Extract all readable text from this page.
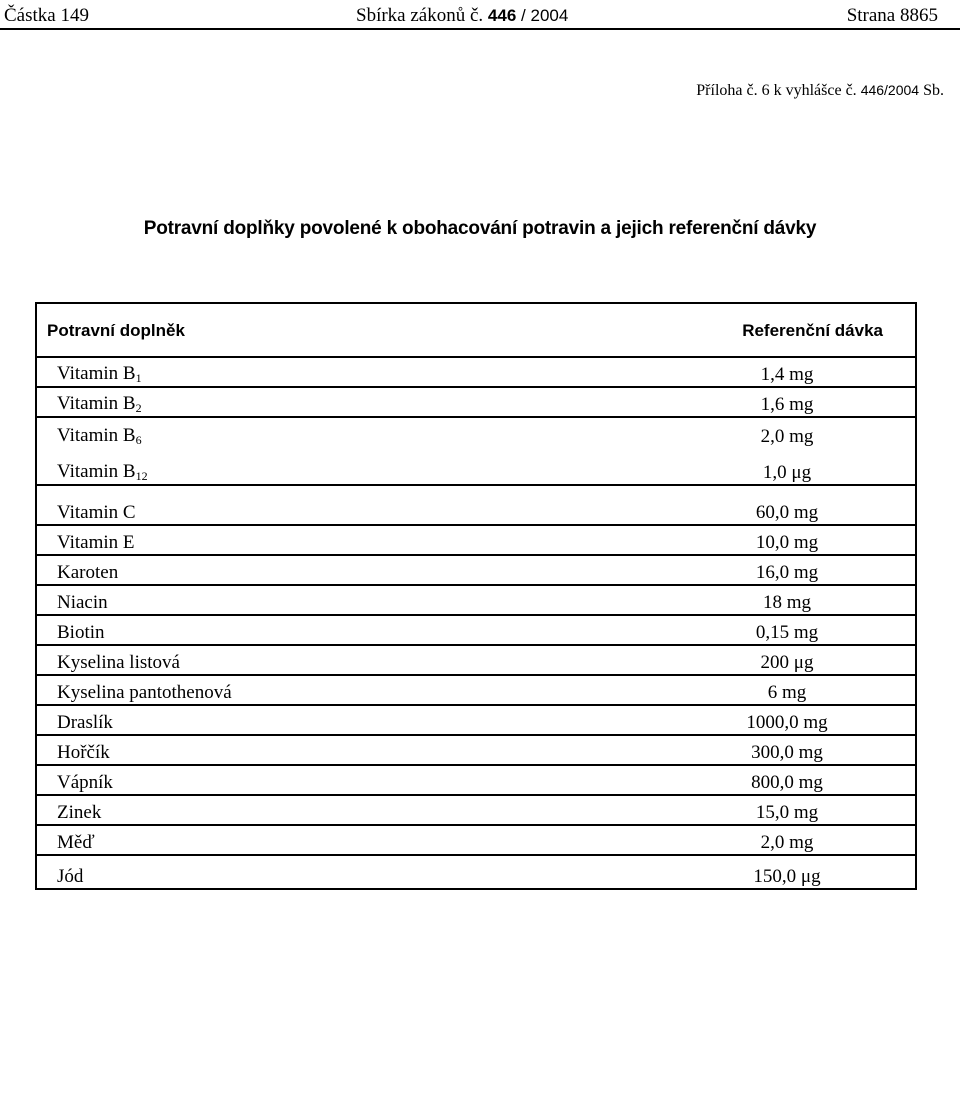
Částka 149	Sbírka zákonů č. 446 / 2004	Strana 8865
Příloha č. 6 k vyhlášce č. 446/2004 Sb.
Potravní doplňky povolené k obohacování potravin a jejich referenční dávky
Potravní doplněk	Referenční dávka
Vitamin $B_1$	1,4 mg
Vitamin $B_2$	1,6 mg
Vitamin $B_6$	2,0 mg
Vitamin $B_{12}$	1,0 μg
Vitamin C	60,0 mg
Vitamin E	10,0 mg
Karoten	16,0 mg
Niacin	18 mg
Biotin	0,15 mg
Kyselina listová	200 μg
Kyselina pantothenová	6 mg
Draslík	1000,0 mg
Hořčík	300,0 mg
Vápník	800,0 mg
Zinek	15,0 mg
Měď	2,0 mg
Jód	150,0 μg
